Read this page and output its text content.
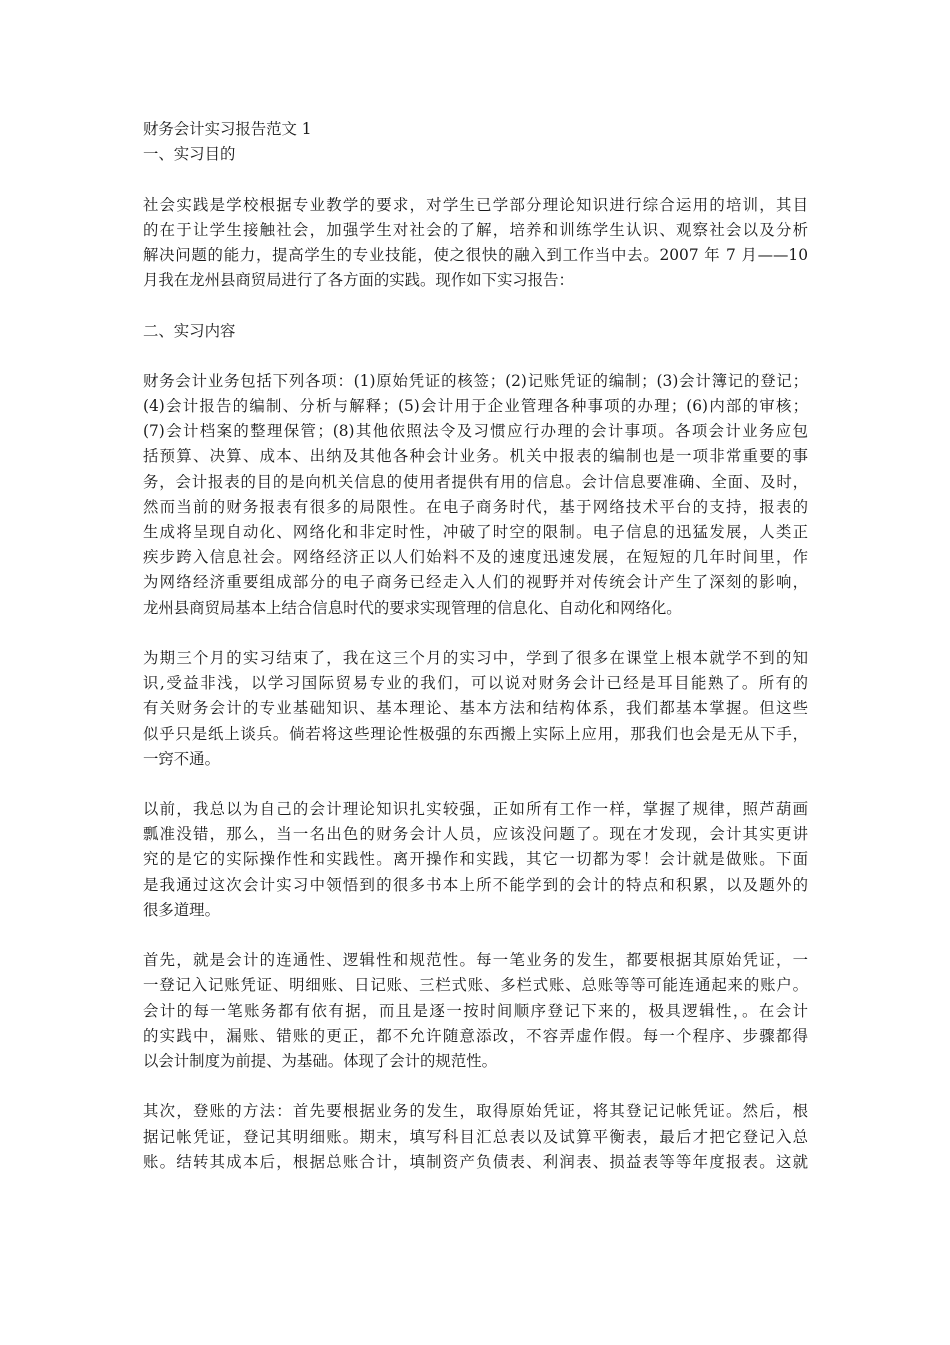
财务会计实习报告范文 1
一、实习目的
社会实践是学校根据专业教学的要求，对学生已学部分理论知识进行综合运用的培训，其目
的在于让学生接触社会，加强学生对社会的了解，培养和训练学生认识、观察社会以及分析
解决问题的能力，提高学生的专业技能，使之很快的融入到工作当中去。2007 年 7 月——10
月我在龙州县商贸局进行了各方面的实践。现作如下实习报告：
二、实习内容
财务会计业务包括下列各项：(1)原始凭证的核签；(2)记账凭证的编制；(3)会计簿记的登记；
(4)会计报告的编制、分析与解释；(5)会计用于企业管理各种事项的办理；(6)内部的审核；
(7)会计档案的整理保管；(8)其他依照法令及习惯应行办理的会计事项。各项会计业务应包
括预算、决算、成本、出纳及其他各种会计业务。机关中报表的编制也是一项非常重要的事
务，会计报表的目的是向机关信息的使用者提供有用的信息。会计信息要准确、全面、及时，
然而当前的财务报表有很多的局限性。在电子商务时代，基于网络技术平台的支持，报表的
生成将呈现自动化、网络化和非定时性，冲破了时空的限制。电子信息的迅猛发展，人类正
疾步跨入信息社会。网络经济正以人们始料不及的速度迅速发展，在短短的几年时间里，作
为网络经济重要组成部分的电子商务已经走入人们的视野并对传统会计产生了深刻的影响，
龙州县商贸局基本上结合信息时代的要求实现管理的信息化、自动化和网络化。
为期三个月的实习结束了，我在这三个月的实习中，学到了很多在课堂上根本就学不到的知
识,受益非浅，以学习国际贸易专业的我们，可以说对财务会计已经是耳目能熟了。所有的
有关财务会计的专业基础知识、基本理论、基本方法和结构体系，我们都基本掌握。但这些
似乎只是纸上谈兵。倘若将这些理论性极强的东西搬上实际上应用，那我们也会是无从下手，
一窍不通。
以前，我总以为自己的会计理论知识扎实较强，正如所有工作一样，掌握了规律，照芦葫画
瓢准没错，那么，当一名出色的财务会计人员，应该没问题了。现在才发现，会计其实更讲
究的是它的实际操作性和实践性。离开操作和实践，其它一切都为零！会计就是做账。下面
是我通过这次会计实习中领悟到的很多书本上所不能学到的会计的特点和积累，以及题外的
很多道理。
首先，就是会计的连通性、逻辑性和规范性。每一笔业务的发生，都要根据其原始凭证，一
一登记入记账凭证、明细账、日记账、三栏式账、多栏式账、总账等等可能连通起来的账户。
会计的每一笔账务都有依有据，而且是逐一按时间顺序登记下来的，极具逻辑性，。在会计
的实践中，漏账、错账的更正，都不允许随意添改，不容弄虚作假。每一个程序、步骤都得
以会计制度为前提、为基础。体现了会计的规范性。
其次，登账的方法：首先要根据业务的发生，取得原始凭证，将其登记记帐凭证。然后，根
据记帐凭证，登记其明细账。期末，填写科目汇总表以及试算平衡表，最后才把它登记入总
账。结转其成本后，根据总账合计，填制资产负债表、利润表、损益表等等年度报表。这就
